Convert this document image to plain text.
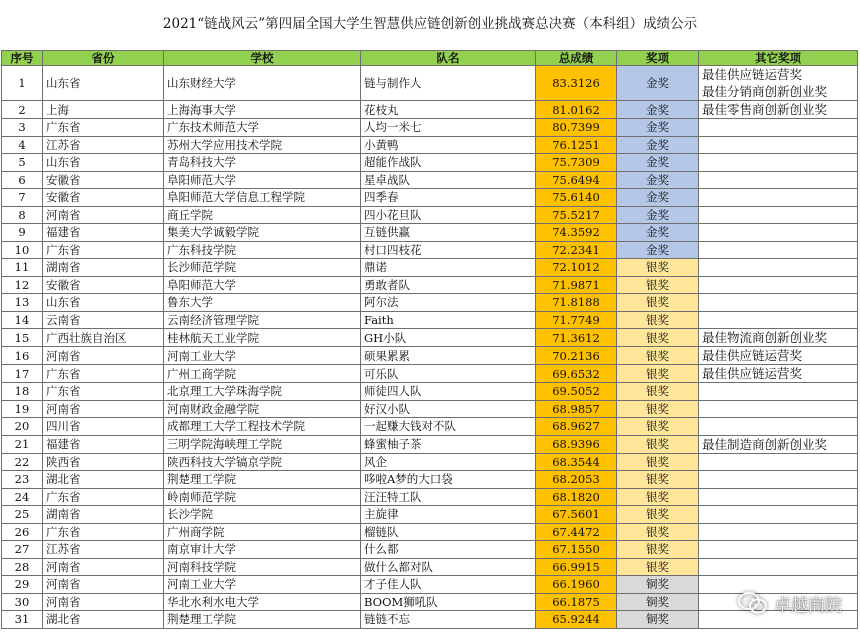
2021“链战风云”第四届全国大学生智慧供应链创新创业挑战赛总决赛（本科组）成绩公示
序号	省份	学校	队名	总成绩	奖项	其它奖项
1	山东省	山东财经大学	链与制作人	83.3126	金奖	最佳供应链运营奖
最佳分销商创新创业奖

2	上海	上海海事大学	花枝丸	81.0162	金奖	最佳零售商创新创业奖

3	广东省	广东技术师范大学	人均一米七	80.7399	金奖	
4	江苏省	苏州大学应用技术学院	小黄鸭	76.1251	金奖	
5	山东省	青岛科技大学	超能作战队	75.7309	金奖	
6	安徽省	阜阳师范大学	星卓战队	75.6494	金奖	
7	安徽省	阜阳师范大学信息工程学院	四季春	75.6140	金奖	
8	河南省	商丘学院	四小花旦队	75.5217	金奖	
9	福建省	集美大学诚毅学院	互链供赢	74.3592	金奖	
10	广东省	广东科技学院	村口四枝花	72.2341	金奖	
11	湖南省	长沙师范学院	鼎诺	72.1012	银奖	
12	安徽省	阜阳师范大学	勇敢者队	71.9871	银奖	
13	山东省	鲁东大学	阿尔法	71.8188	银奖	
14	云南省	云南经济管理学院	Faith	71.7749	银奖	
15	广西壮族自治区	桂林航天工业学院	GH小队	71.3612	银奖	最佳物流商创新创业奖

16	河南省	河南工业大学	硕果累累	70.2136	银奖	最佳供应链运营奖

17	广东省	广州工商学院	可乐队	69.6532	银奖	最佳供应链运营奖

18	广东省	北京理工大学珠海学院	师徒四人队	69.5052	银奖	
19	河南省	河南财政金融学院	好汉小队	68.9857	银奖	
20	四川省	成都理工大学工程技术学院	一起赚大钱对不队	68.9627	银奖	
21	福建省	三明学院海峡理工学院	蜂蜜柚子茶	68.9396	银奖	最佳制造商创新创业奖

22	陕西省	陕西科技大学镐京学院	风企	68.3544	银奖	
23	湖北省	荆楚理工学院	哆啦A梦的大口袋	68.2053	银奖	
24	广东省	岭南师范学院	汪汪特工队	68.1820	银奖	
25	湖南省	长沙学院	主旋律	67.5601	银奖	
26	广东省	广州商学院	榴链队	67.4472	银奖	
27	江苏省	南京审计大学	什么都	67.1550	银奖	
28	河南省	河南科技学院	做什么都对队	66.9915	银奖	
29	河南省	河南工业大学	才子佳人队	66.1960	铜奖	
30	河南省	华北水利水电大学	BOOM狮吼队	66.1875	铜奖	
31	湖北省	荆楚理工学院	链链不忘	65.9244	铜奖	
卓越商院
